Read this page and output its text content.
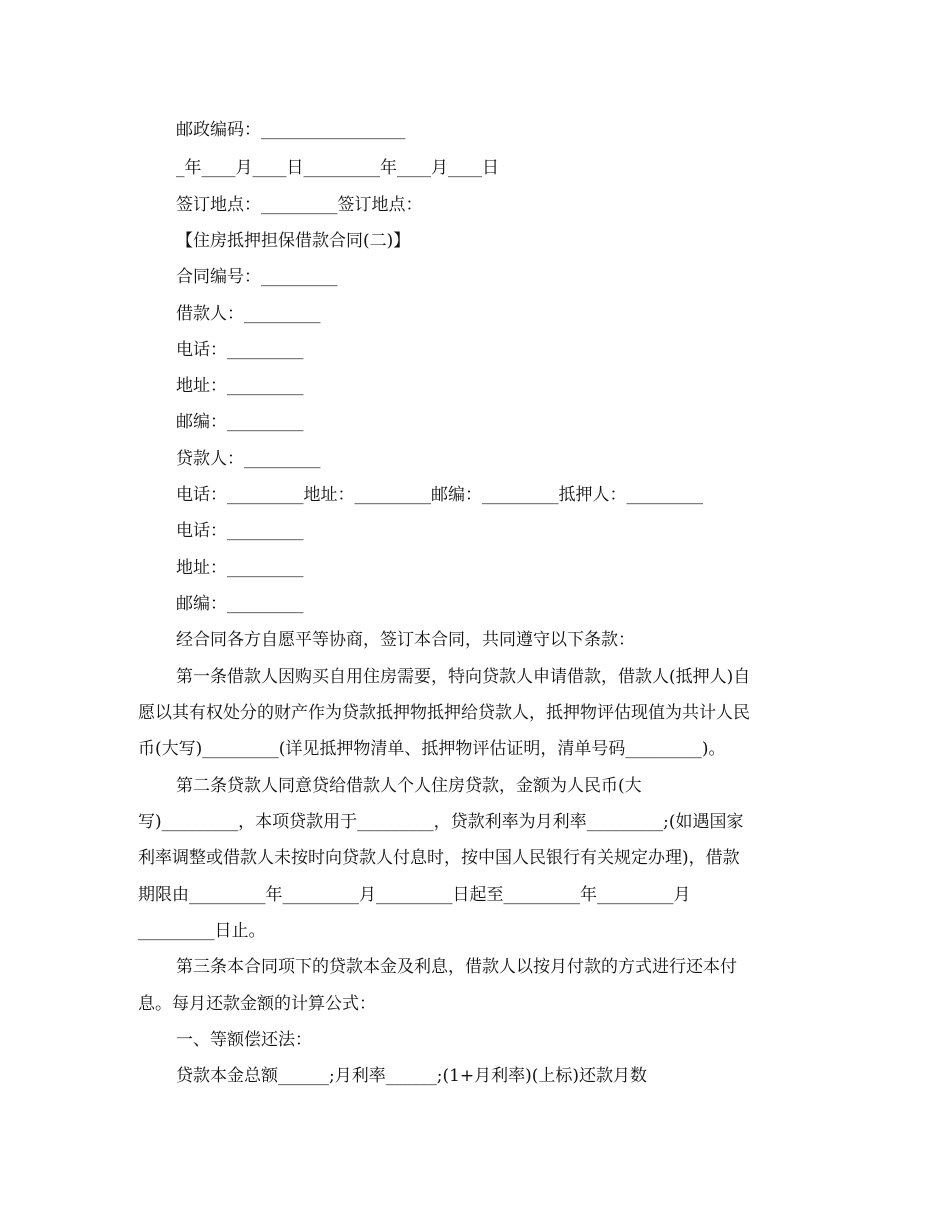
邮政编码：_________________

_年____月____日_________年____月____日

签订地点：_________签订地点：

【住房抵押担保借款合同(二)】

合同编号：_________

借款人：_________

电话：_________

地址：_________

邮编：_________

贷款人：_________

电话：_________地址：_________邮编：_________抵押人：_________

电话：_________

地址：_________

邮编：_________

经合同各方自愿平等协商，签订本合同，共同遵守以下条款：

第一条借款人因购买自用住房需要，特向贷款人申请借款，借款人(抵押人)自

愿以其有权处分的财产作为贷款抵押物抵押给贷款人，抵押物评估现值为共计人民

币(大写)_________(详见抵押物清单、抵押物评估证明，清单号码_________)。

第二条贷款人同意贷给借款人个人住房贷款，金额为人民币(大

写)_________，本项贷款用于_________，贷款利率为月利率_________;(如遇国家

利率调整或借款人未按时向贷款人付息时，按中国人民银行有关规定办理)，借款

期限由_________年_________月_________日起至_________年_________月

_________日止。

第三条本合同项下的贷款本金及利息，借款人以按月付款的方式进行还本付

息。每月还款金额的计算公式：

一、等额偿还法：

贷款本金总额______;月利率______;(1+月利率)(上标)还款月数
